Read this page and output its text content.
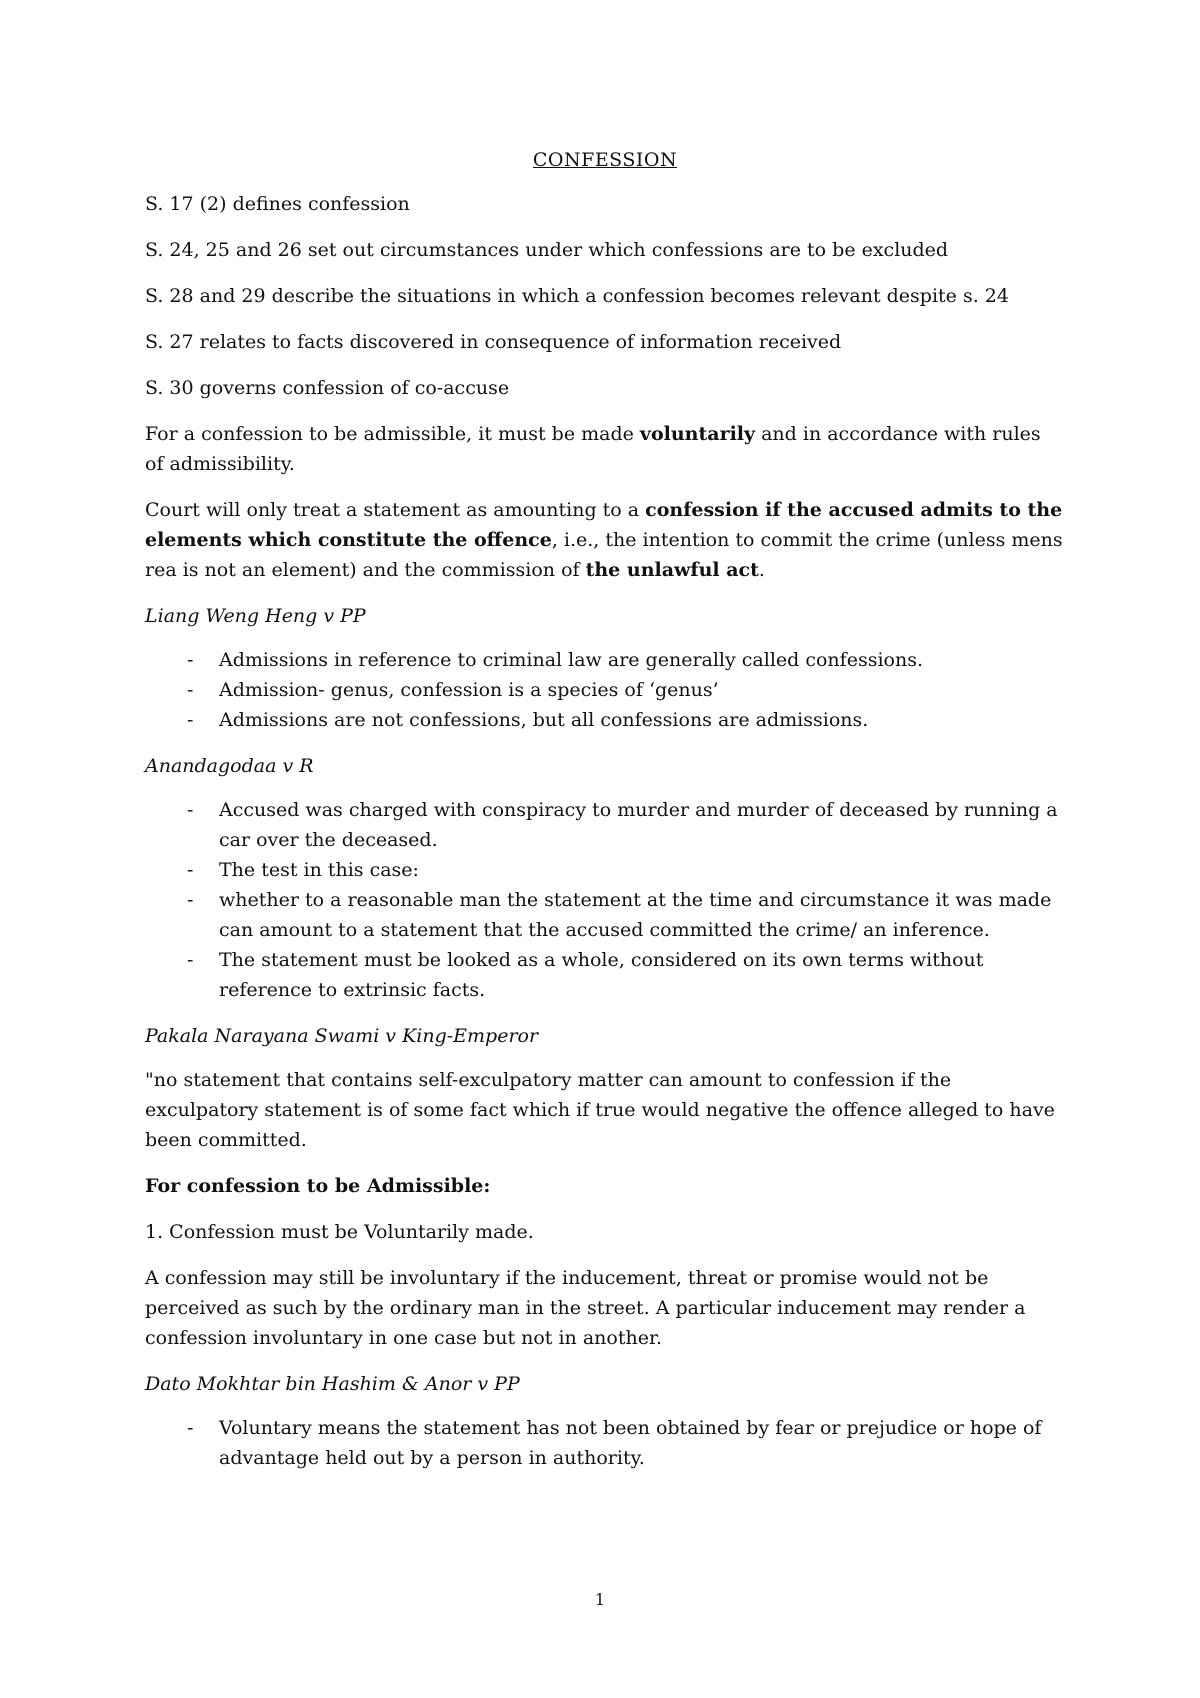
CONFESSION

S. 17 (2) defines confession

S. 24, 25 and 26 set out circumstances under which confessions are to be excluded

S. 28 and 29 describe the situations in which a confession becomes relevant despite s. 24

S. 27 relates to facts discovered in consequence of information received

S. 30 governs confession of co-accuse

For a confession to be admissible, it must be made voluntarily and in accordance with rules of admissibility.

Court will only treat a statement as amounting to a confession if the accused admits to the elements which constitute the offence, i.e., the intention to commit the crime (unless mens rea is not an element) and the commission of the unlawful act.

Liang Weng Heng v PP
- Admissions in reference to criminal law are generally called confessions.
- Admission- genus, confession is a species of ‘genus’
- Admissions are not confessions, but all confessions are admissions.
Anandagodaa v R
- Accused was charged with conspiracy to murder and murder of deceased by running a car over the deceased.
- The test in this case:
- whether to a reasonable man the statement at the time and circumstance it was made can amount to a statement that the accused committed the crime/ an inference.
- The statement must be looked as a whole, considered on its own terms without reference to extrinsic facts.
Pakala Narayana Swami v King-Emperor

"no statement that contains self-exculpatory matter can amount to confession if the exculpatory statement is of some fact which if true would negative the offence alleged to have been committed.

For confession to be Admissible:

1. Confession must be Voluntarily made.

A confession may still be involuntary if the inducement, threat or promise would not be perceived as such by the ordinary man in the street. A particular inducement may render a confession involuntary in one case but not in another.

Dato Mokhtar bin Hashim & Anor v PP
- Voluntary means the statement has not been obtained by fear or prejudice or hope of advantage held out by a person in authority.
1
